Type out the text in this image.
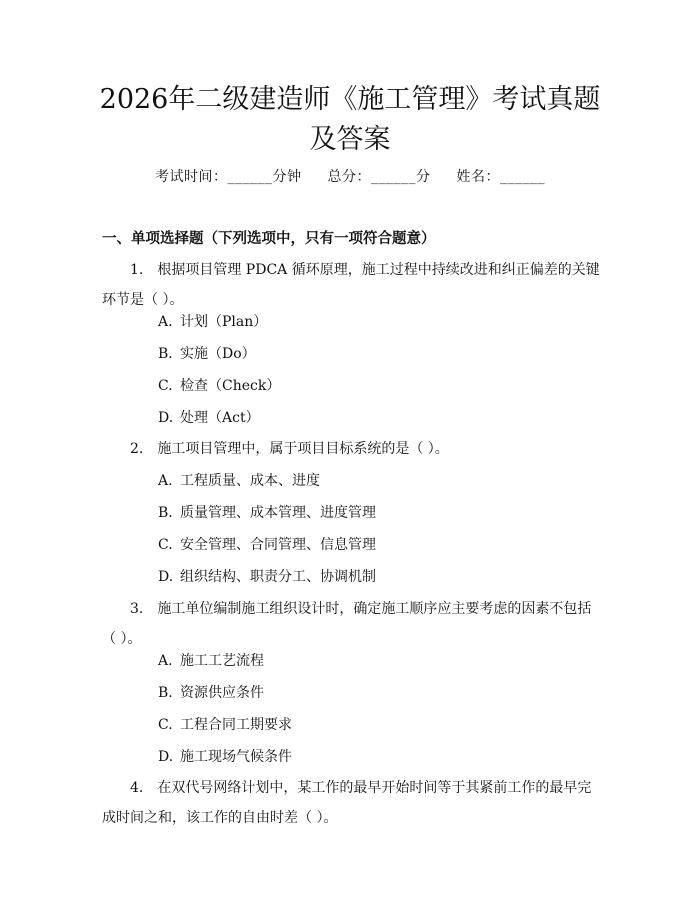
2026年二级建造师《施工管理》考试真题及答案
考试时间：______分钟 总分：______分 姓名：______
一、单项选择题（下列选项中，只有一项符合题意）
1. 根据项目管理 PDCA 循环原理，施工过程中持续改进和纠正偏差的关键环节是（ ）。
A. 计划（Plan）
B. 实施（Do）
C. 检查（Check）
D. 处理（Act）
2. 施工项目管理中，属于项目目标系统的是（ ）。
A. 工程质量、成本、进度
B. 质量管理、成本管理、进度管理
C. 安全管理、合同管理、信息管理
D. 组织结构、职责分工、协调机制
3. 施工单位编制施工组织设计时，确定施工顺序应主要考虑的因素不包括（ ）。
A. 施工工艺流程
B. 资源供应条件
C. 工程合同工期要求
D. 施工现场气候条件
4. 在双代号网络计划中，某工作的最早开始时间等于其紧前工作的最早完成时间之和，该工作的自由时差（ ）。
